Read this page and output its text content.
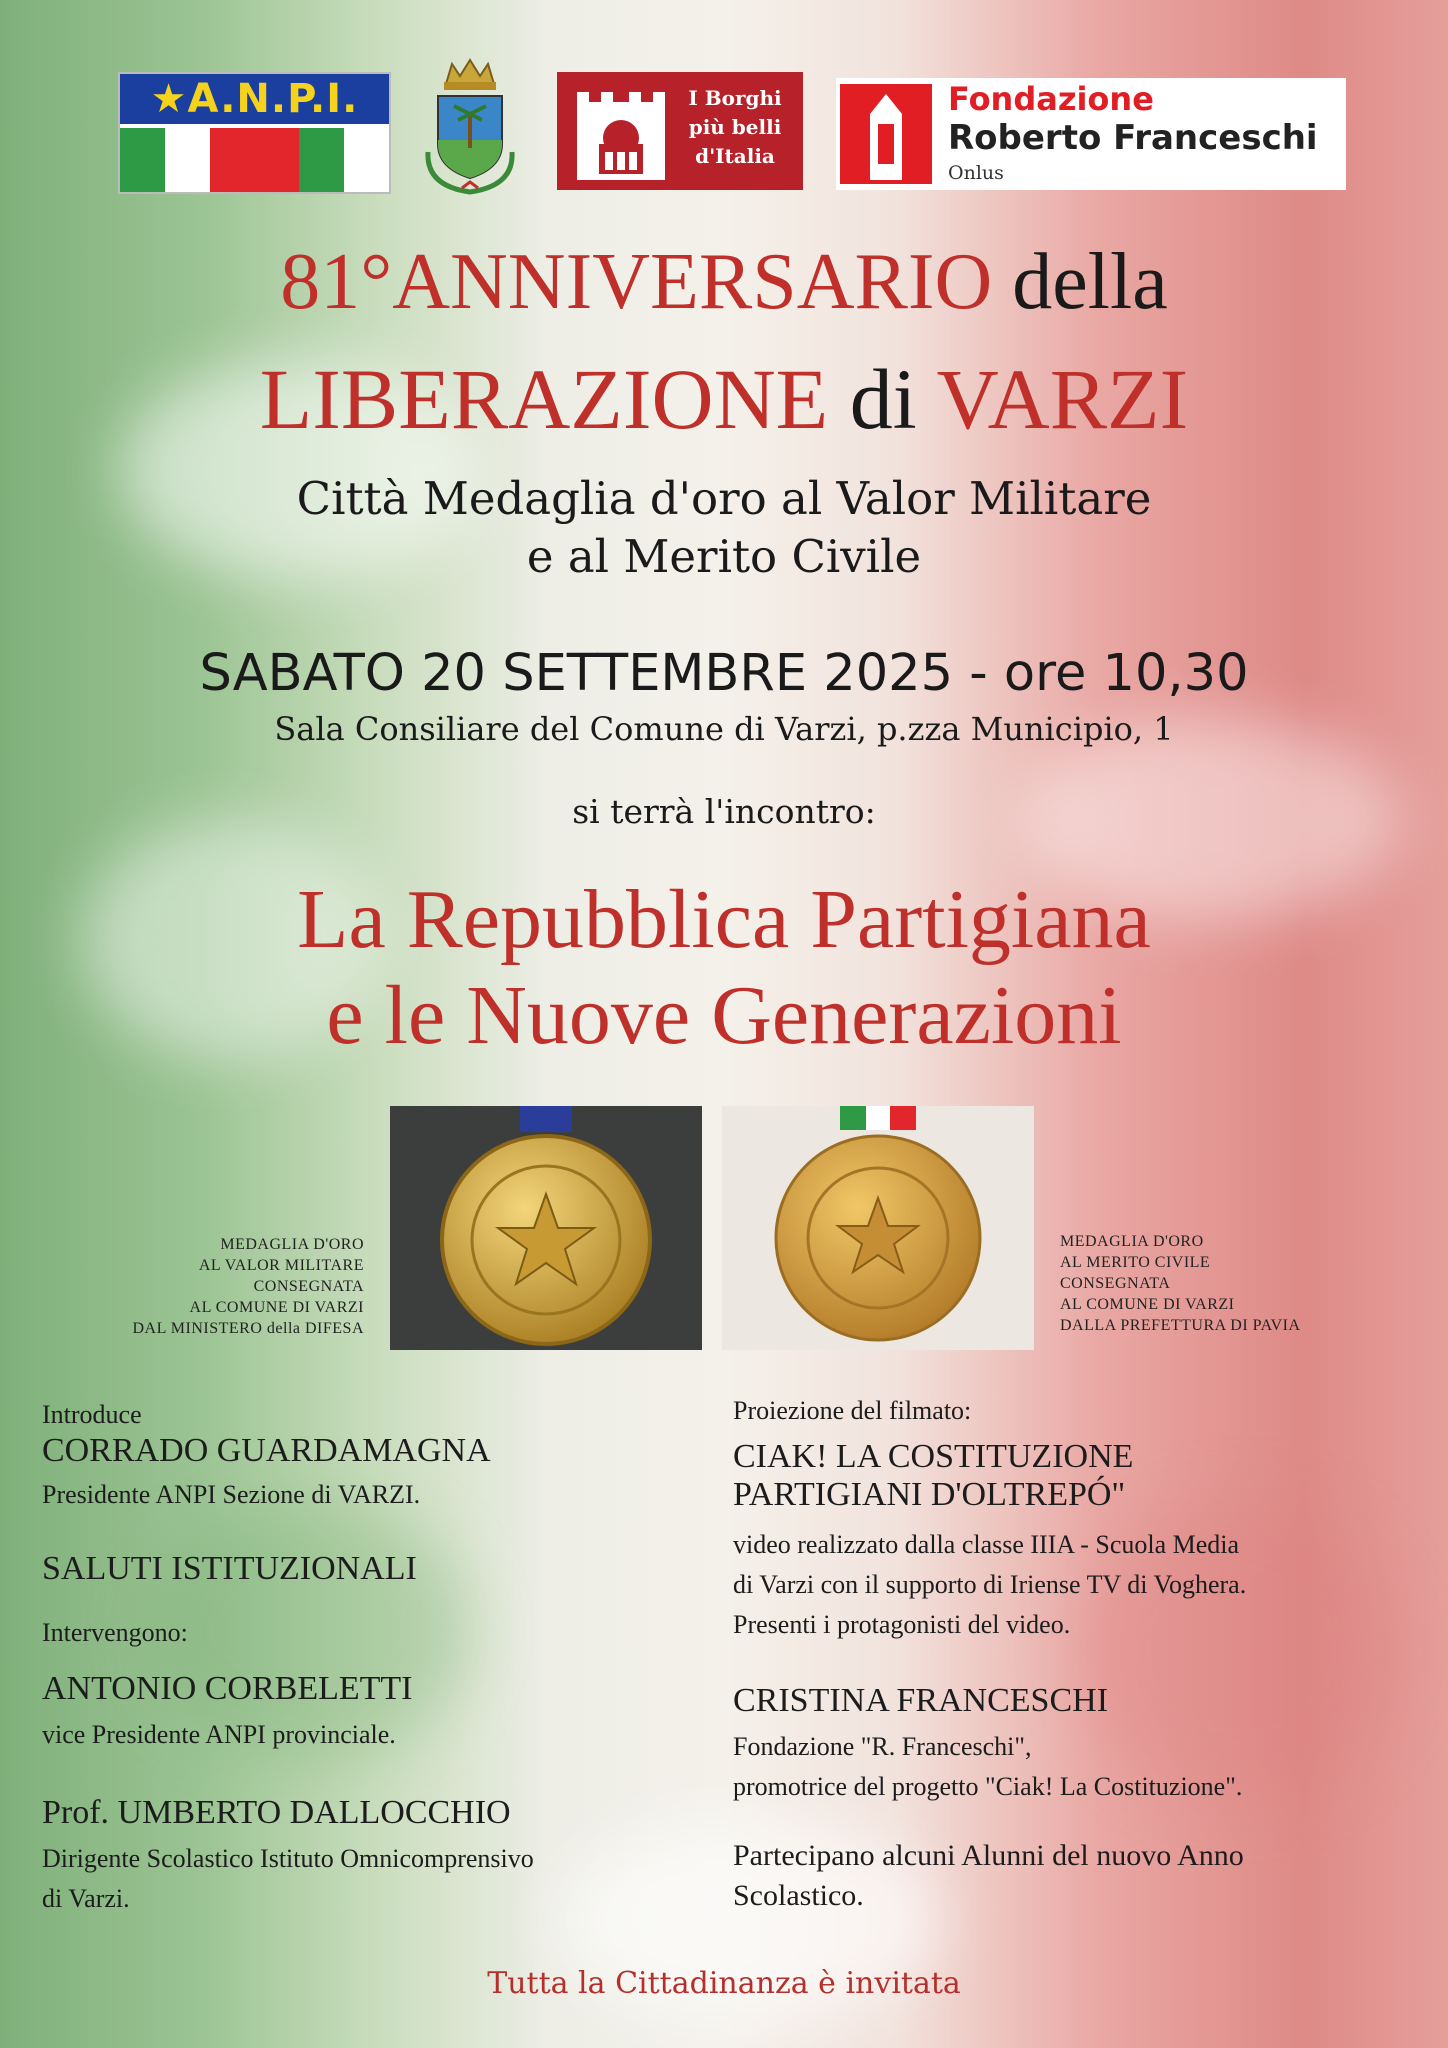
★A.N.P.I.	I Borghi
più belli
d'Italia
Fondazione
Roberto Franceschi
Onlus
81°ANNIVERSARIO della
LIBERAZIONE di VARZI
Città Medaglia d'oro al Valor Militare
e al Merito Civile
SABATO 20 SETTEMBRE 2025 - ore 10,30
Sala Consiliare del Comune di Varzi, p.zza Municipio, 1
si terrà l'incontro:
La Repubblica Partigiana
e le Nuove Generazioni
MEDAGLIA D'ORO
AL VALOR MILITARE
CONSEGNATA
AL COMUNE DI VARZI
DAL MINISTERO della DIFESA
MEDAGLIA D'ORO
AL MERITO CIVILE
CONSEGNATA
AL COMUNE DI VARZI
DALLA PREFETTURA DI PAVIA
Introduce
CORRADO GUARDAMAGNA
Presidente ANPI Sezione di VARZI.
SALUTI ISTITUZIONALI
Intervengono:
ANTONIO CORBELETTI
vice Presidente ANPI provinciale.
Prof. UMBERTO DALLOCCHIO
Dirigente Scolastico Istituto Omnicomprensivo
di Varzi.
Proiezione del filmato:
CIAK! LA COSTITUZIONE
PARTIGIANI D'OLTREPÓ"
video realizzato dalla classe IIIA - Scuola Media
di Varzi con il supporto di Iriense TV di Voghera.
Presenti i protagonisti del video.
CRISTINA FRANCESCHI
Fondazione "R. Franceschi",
promotrice del progetto "Ciak! La Costituzione".
Partecipano alcuni Alunni del nuovo Anno
Scolastico.
Tutta la Cittadinanza è invitata
